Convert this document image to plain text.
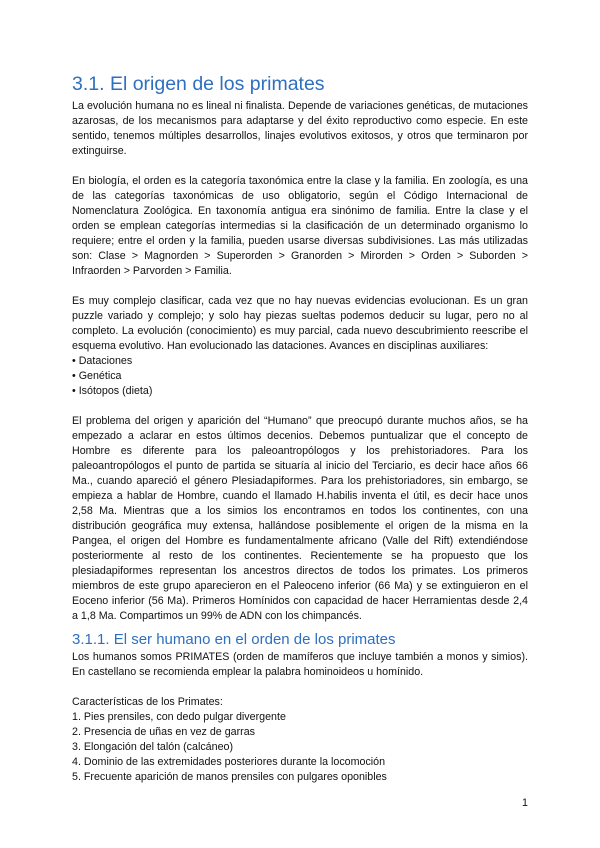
3.1. El origen de los primates

La evolución humana no es lineal ni finalista. Depende de variaciones genéticas, de mutaciones azarosas, de los mecanismos para adaptarse y del éxito reproductivo como especie. En este sentido, tenemos múltiples desarrollos, linajes evolutivos exitosos, y otros que terminaron por extinguirse.

En biología, el orden es la categoría taxonómica entre la clase y la familia. En zoología, es una de las categorías taxonómicas de uso obligatorio, según el Código Internacional de Nomenclatura Zoológica. En taxonomía antigua era sinónimo de familia. Entre la clase y el orden se emplean categorías intermedias si la clasificación de un determinado organismo lo requiere; entre el orden y la familia, pueden usarse diversas subdivisiones. Las más utilizadas son: Clase > Magnorden > Superorden > Granorden > Mirorden > Orden > Suborden > Infraorden > Parvorden > Familia.

Es muy complejo clasificar, cada vez que no hay nuevas evidencias evolucionan. Es un gran puzzle variado y complejo; y solo hay piezas sueltas podemos deducir su lugar, pero no al completo. La evolución (conocimiento) es muy parcial, cada nuevo descubrimiento reescribe el esquema evolutivo. Han evolucionado las dataciones. Avances en disciplinas auxiliares:

• Dataciones
• Genética
• Isótopos (dieta)

El problema del origen y aparición del “Humano” que preocupó durante muchos años, se ha empezado a aclarar en estos últimos decenios. Debemos puntualizar que el concepto de Hombre es diferente para los paleoantropólogos y los prehistoriadores. Para los paleoantropólogos el punto de partida se situaría al inicio del Terciario, es decir hace años 66 Ma., cuando apareció el género Plesiadapiformes. Para los prehistoriadores, sin embargo, se empieza a hablar de Hombre, cuando el llamado H.habilis inventa el útil, es decir hace unos 2,58 Ma. Mientras que a los simios los encontramos en todos los continentes, con una distribución geográfica muy extensa, hallándose posiblemente el origen de la misma en la Pangea, el origen del Hombre es fundamentalmente africano (Valle del Rift) extendiéndose posteriormente al resto de los continentes. Recientemente se ha propuesto que los plesiadapiformes representan los ancestros directos de todos los primates. Los primeros miembros de este grupo aparecieron en el Paleoceno inferior (66 Ma) y se extinguieron en el Eoceno inferior (56 Ma). Primeros Homínidos con capacidad de hacer Herramientas desde 2,4 a 1,8 Ma. Compartimos un 99% de ADN con los chimpancés.

3.1.1. El ser humano en el orden de los primates

Los humanos somos PRIMATES (orden de mamíferos que incluye también a monos y simios). En castellano se recomienda emplear la palabra hominoideos u homínido.

Características de los Primates:
1. Pies prensiles, con dedo pulgar divergente
2. Presencia de uñas en vez de garras
3. Elongación del talón (calcáneo)
4. Dominio de las extremidades posteriores durante la locomoción
5. Frecuente aparición de manos prensiles con pulgares oponibles
1
